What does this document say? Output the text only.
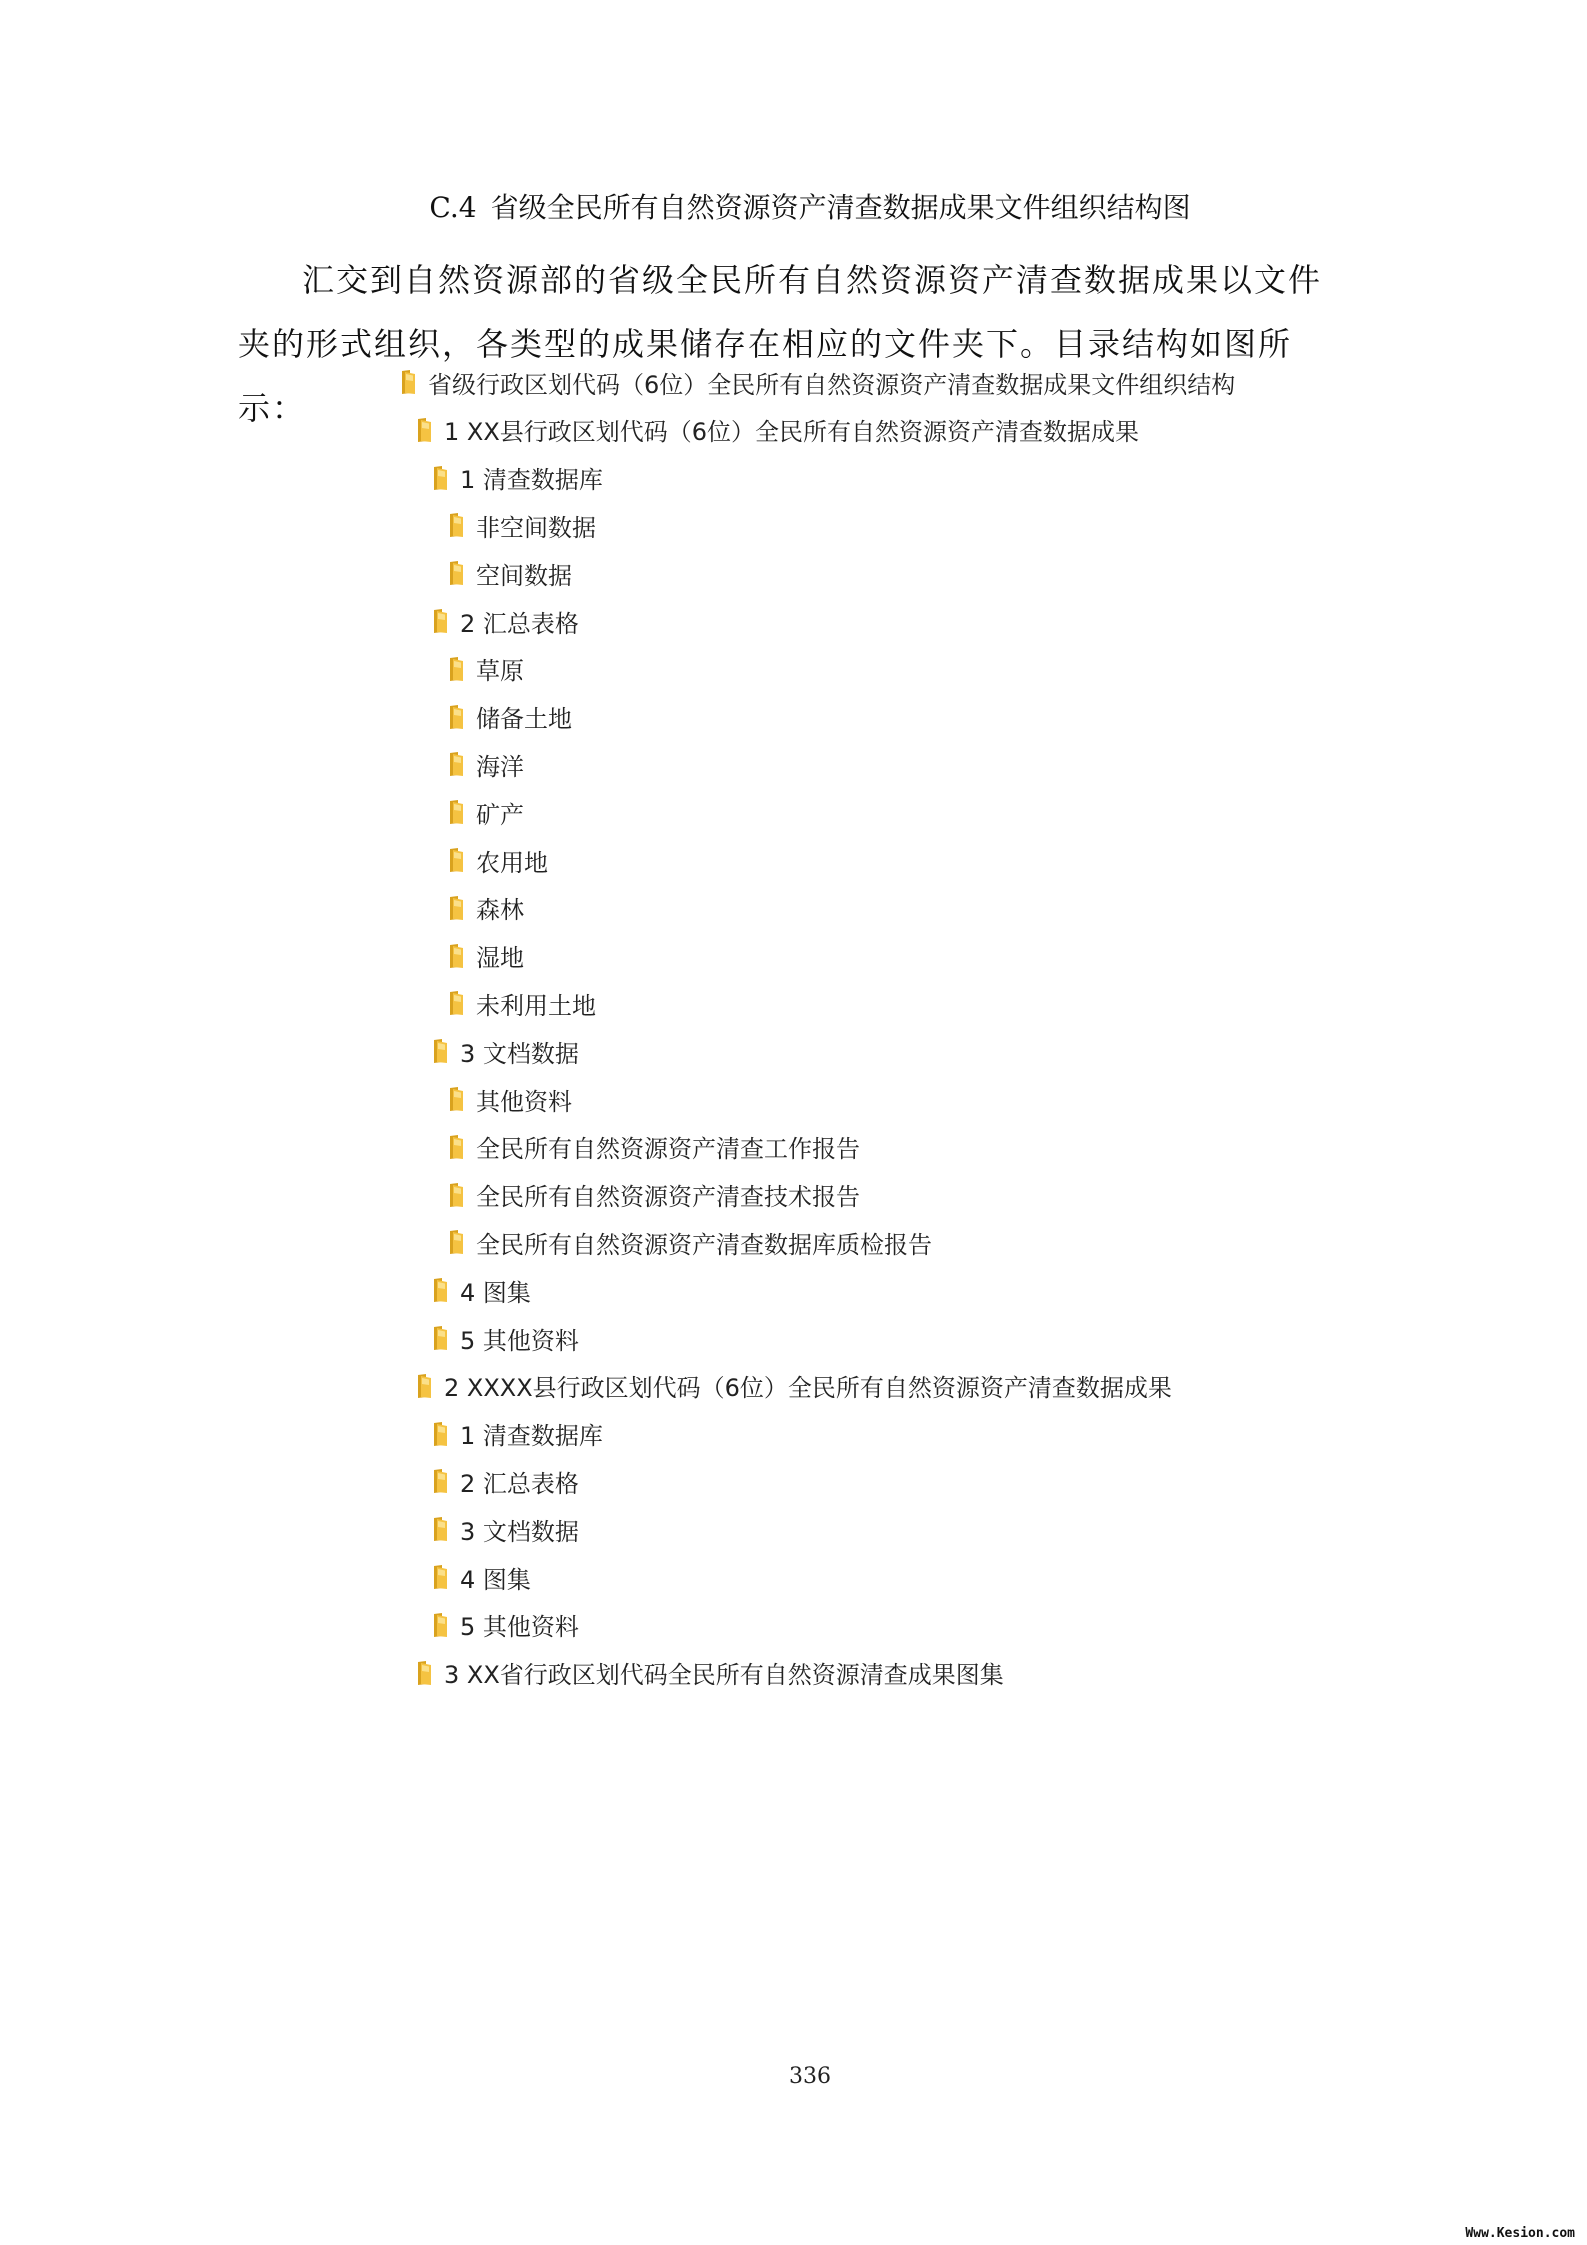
C.4 省级全民所有自然资源资产清查数据成果文件组织结构图

汇交到自然资源部的省级全民所有自然资源资产清查数据成果以文件夹的形式组织，各类型的成果储存在相应的文件夹下。目录结构如图所示：

省级行政区划代码（6位）全民所有自然资源资产清查数据成果文件组织结构
1 XX县行政区划代码（6位）全民所有自然资源资产清查数据成果
1 清查数据库
非空间数据
空间数据
2 汇总表格
草原
储备土地
海洋
矿产
农用地
森林
湿地
未利用土地
3 文档数据
其他资料
全民所有自然资源资产清查工作报告
全民所有自然资源资产清查技术报告
全民所有自然资源资产清查数据库质检报告
4 图集
5 其他资料
2 XXXX县行政区划代码（6位）全民所有自然资源资产清查数据成果
1 清查数据库
2 汇总表格
3 文档数据
4 图集
5 其他资料
3 XX省行政区划代码全民所有自然资源清查成果图集
336
Www.Kesion.com
